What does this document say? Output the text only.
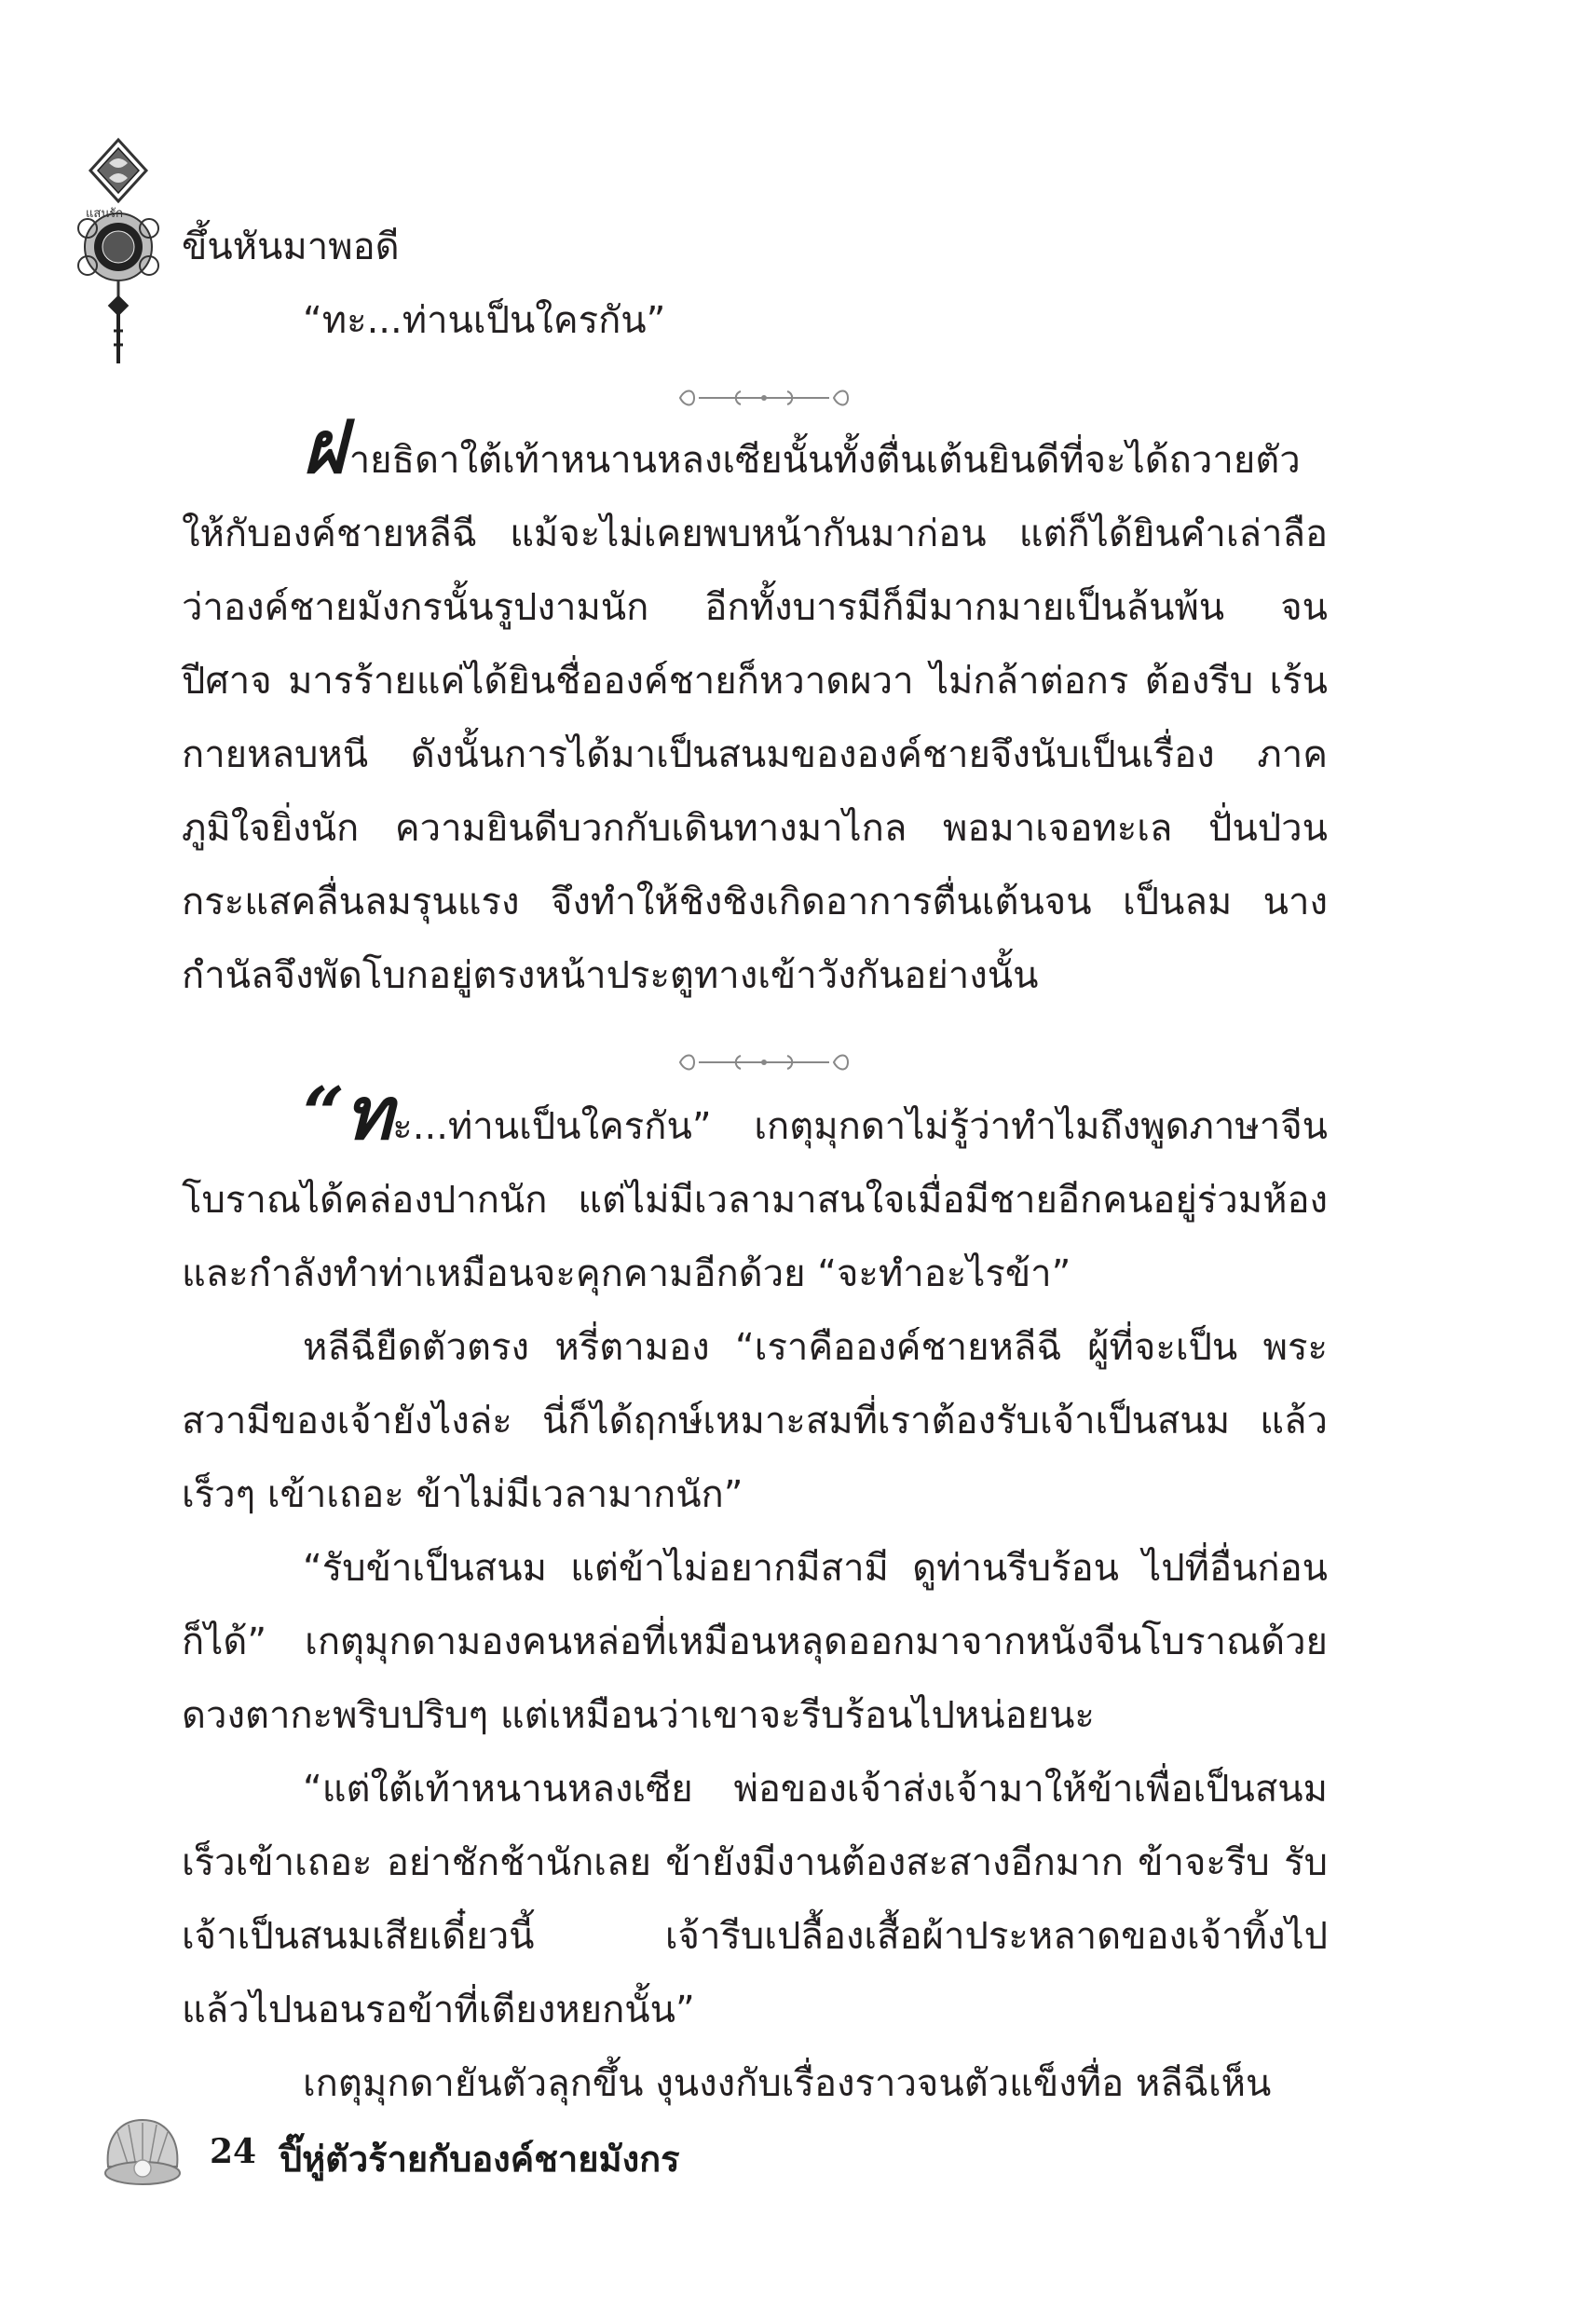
แสนรัก

ขึ้นหันมาพอดี

“ทะ...ท่านเป็นใครกัน”

ฝ ่ายธิดาใต้เท้าหนานหลงเซียนั้นทั้งตื่นเต้นยินดีที่จะได้ถวายตัว ให้กับองค์ชายหลีฉี แม้จะไม่เคยพบหน้ากันมาก่อน แต่ก็ได้ยินคำเล่าลือ ว่าองค์ชายมังกรนั้นรูปงามนัก อีกทั้งบารมีก็มีมากมายเป็นล้นพ้น จน ปีศาจ มารร้ายแค่ได้ยินชื่อองค์ชายก็หวาดผวา ไม่กล้าต่อกร ต้องรีบ เร้นกายหลบหนี ดังนั้นการได้มาเป็นสนมขององค์ชายจึงนับเป็นเรื่อง ภาคภูมิใจยิ่งนัก ความยินดีบวกกับเดินทางมาไกล พอมาเจอทะเล ปั่นป่วน กระแสคลื่นลมรุนแรง จึงทำให้ชิงชิงเกิดอาการตื่นเต้นจน เป็นลม นางกำนัลจึงพัดโบกอยู่ตรงหน้าประตูทางเข้าวังกันอย่างนั้น

“ทะ...ท่านเป็นใครกัน” เกตุมุกดาไม่รู้ว่าทำไมถึงพูดภาษาจีน โบราณได้คล่องปากนัก แต่ไม่มีเวลามาสนใจเมื่อมีชายอีกคนอยู่ร่วมห้อง และกำลังทำท่าเหมือนจะคุกคามอีกด้วย “จะทำอะไรข้า”

หลีฉียืดตัวตรง หรี่ตามอง “เราคือองค์ชายหลีฉี ผู้ที่จะเป็น พระสวามีของเจ้ายังไงล่ะ นี่ก็ได้ฤกษ์เหมาะสมที่เราต้องรับเจ้าเป็นสนม แล้ว เร็วๆ เข้าเถอะ ข้าไม่มีเวลามากนัก”

“รับข้าเป็นสนม แต่ข้าไม่อยากมีสามี ดูท่านรีบร้อน ไปที่อื่นก่อน ก็ได้” เกตุมุกดามองคนหล่อที่เหมือนหลุดออกมาจากหนังจีนโบราณด้วย ดวงตากะพริบปริบๆ แต่เหมือนว่าเขาจะรีบร้อนไปหน่อยนะ

“แต่ใต้เท้าหนานหลงเซีย พ่อของเจ้าส่งเจ้ามาให้ข้าเพื่อเป็นสนม เร็วเข้าเถอะ อย่าชักช้านักเลย ข้ายังมีงานต้องสะสางอีกมาก ข้าจะรีบ รับเจ้าเป็นสนมเสียเดี๋ยวนี้ เจ้ารีบเปลื้องเสื้อผ้าประหลาดของเจ้าทิ้งไป แล้วไปนอนรอข้าที่เตียงหยกนั้น”

เกตุมุกดายันตัวลุกขึ้น งุนงงกับเรื่องราวจนตัวแข็งทื่อ หลีฉีเห็น

24 ปิ๊หู่ตัวร้ายกับองค์ชายมังกร
